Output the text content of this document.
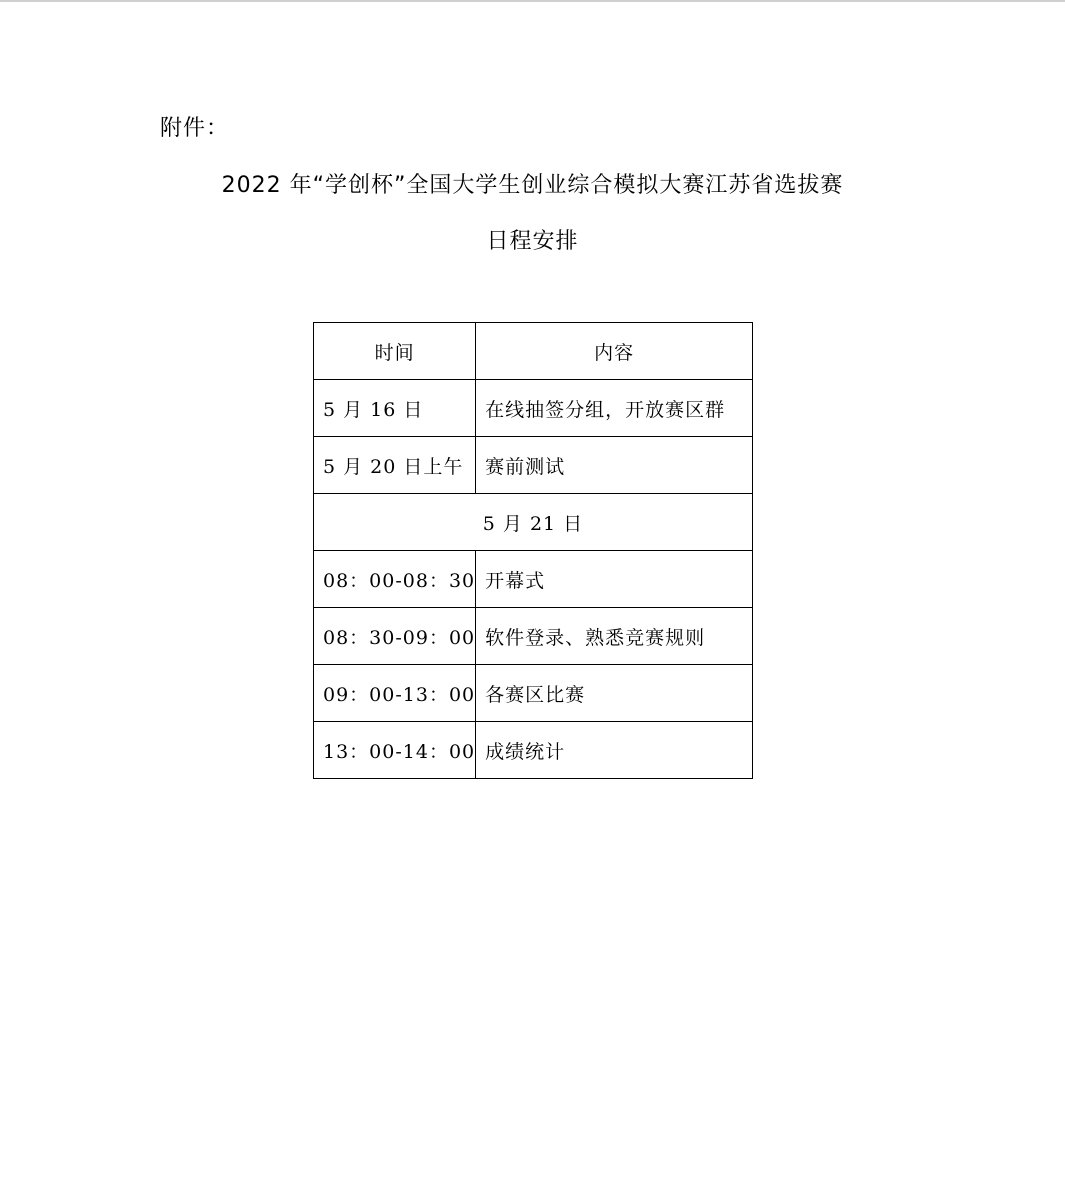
附件：
2022 年“学创杯”全国大学生创业综合模拟大赛江苏省选拔赛
日程安排
时间	内容
5 月 16 日	在线抽签分组，开放赛区群
5 月 20 日上午	赛前测试
5 月 21 日	
08：00-08：30	开幕式
08：30-09：00	软件登录、熟悉竞赛规则
09：00-13：00	各赛区比赛
13：00-14：00	成绩统计
